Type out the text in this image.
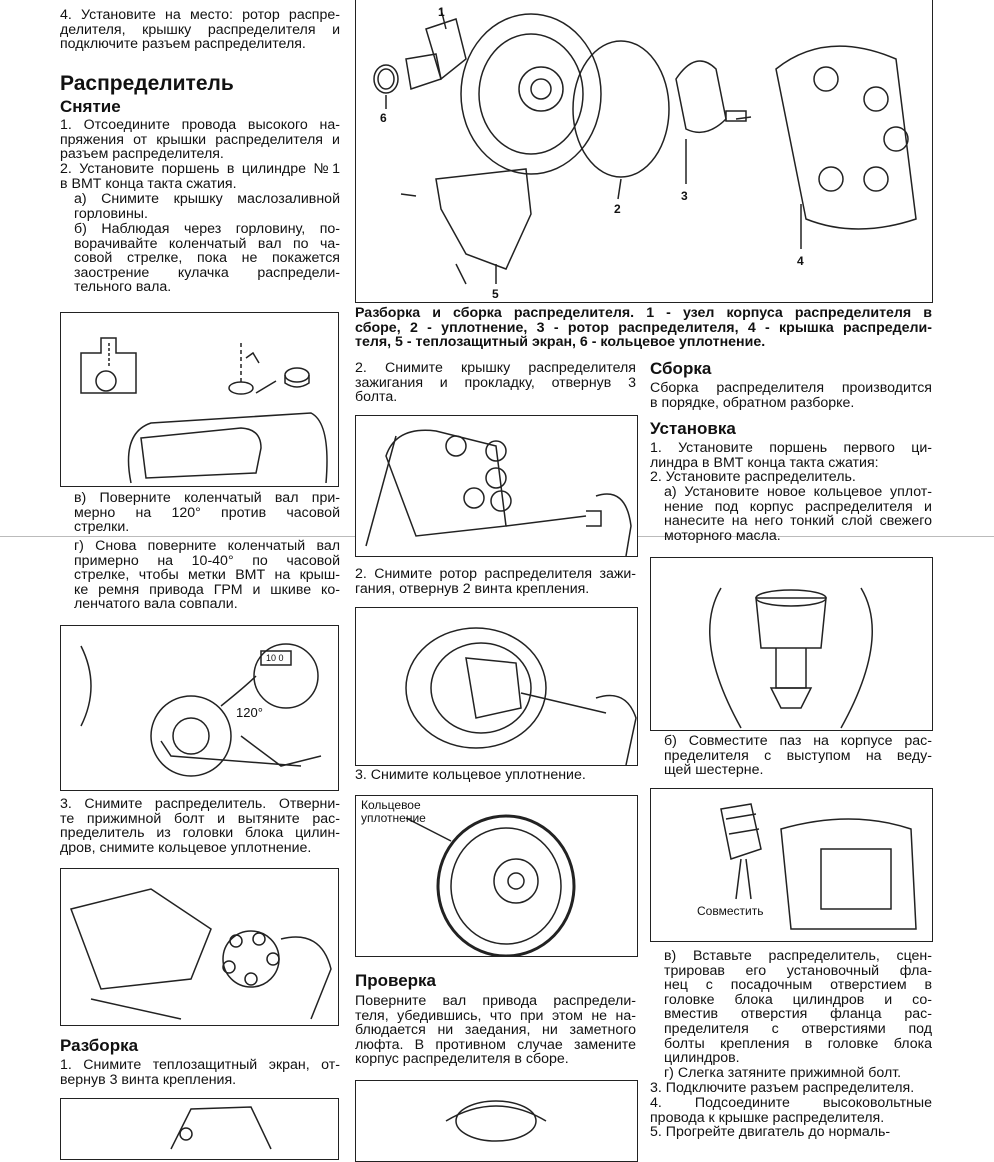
4. Установите на место: ротор распре-
делителя, крышку распределителя и
подключите разъем распределителя.
Распределитель
Снятие
1. Отсоедините провода высокого на-
пряжения от крышки распределителя и
разъем распределителя.
2. Установите поршень в цилиндре №1
в ВМТ конца такта сжатия.
а) Снимите крышку маслозаливной
горловины.
б) Наблюдая через горловину, по-
ворачивайте коленчатый вал по ча-
совой стрелке, пока не покажется
заострение кулачка распредели-
тельного вала.
в) Поверните коленчатый вал при-
мерно на 120° против часовой
стрелки.
г) Снова поверните коленчатый вал
примерно на 10-40° по часовой
стрелке, чтобы метки ВМТ на крыш-
ке ремня привода ГРМ и шкиве ко-
ленчатого вала совпали.
120°
10 0
3. Снимите распределитель. Отверни-
те прижимной болт и вытяните рас-
пределитель из головки блока цилин-
дров, снимите кольцевое уплотнение.
Разборка
1. Снимите теплозащитный экран, от-
вернув 3 винта крепления.
1
2
3
4
5
6
Разборка и сборка распределителя. 1 - узел корпуса распределителя в
сборе, 2 - уплотнение, 3 - ротор распределителя, 4 - крышка распредели-
теля, 5 - теплозащитный экран, 6 - кольцевое уплотнение.
2. Снимите крышку распределителя
зажигания и прокладку, отвернув 3
болта.
2. Снимите ротор распределителя зажи-
гания, отвернув 2 винта крепления.
3. Снимите кольцевое уплотнение.
Кольцевое
уплотнение
Проверка
Поверните вал привода распредели-
теля, убедившись, что при этом не на-
блюдается ни заедания, ни заметного
люфта. В противном случае замените
корпус распределителя в сборе.
Сборка
Сборка распределителя производится
в порядке, обратном разборке.
Установка
1. Установите поршень первого ци-
линдра в ВМТ конца такта сжатия:
2. Установите распределитель.
а) Установите новое кольцевое уплот-
нение под корпус распределителя и
нанесите на него тонкий слой свежего
моторного масла.
б) Совместите паз на корпусе рас-
пределителя с выступом на веду-
щей шестерне.
Совместить
в) Вставьте распределитель, сцен-
трировав его установочный фла-
нец с посадочным отверстием в
головке блока цилиндров и со-
вместив отверстия фланца рас-
пределителя с отверстиями под
болты крепления в головке блока
цилиндров.
г) Слегка затяните прижимной болт.
3. Подключите разъем распределителя.
4. Подсоедините высоковольтные
провода к крышке распределителя.
5. Прогрейте двигатель до нормаль-
